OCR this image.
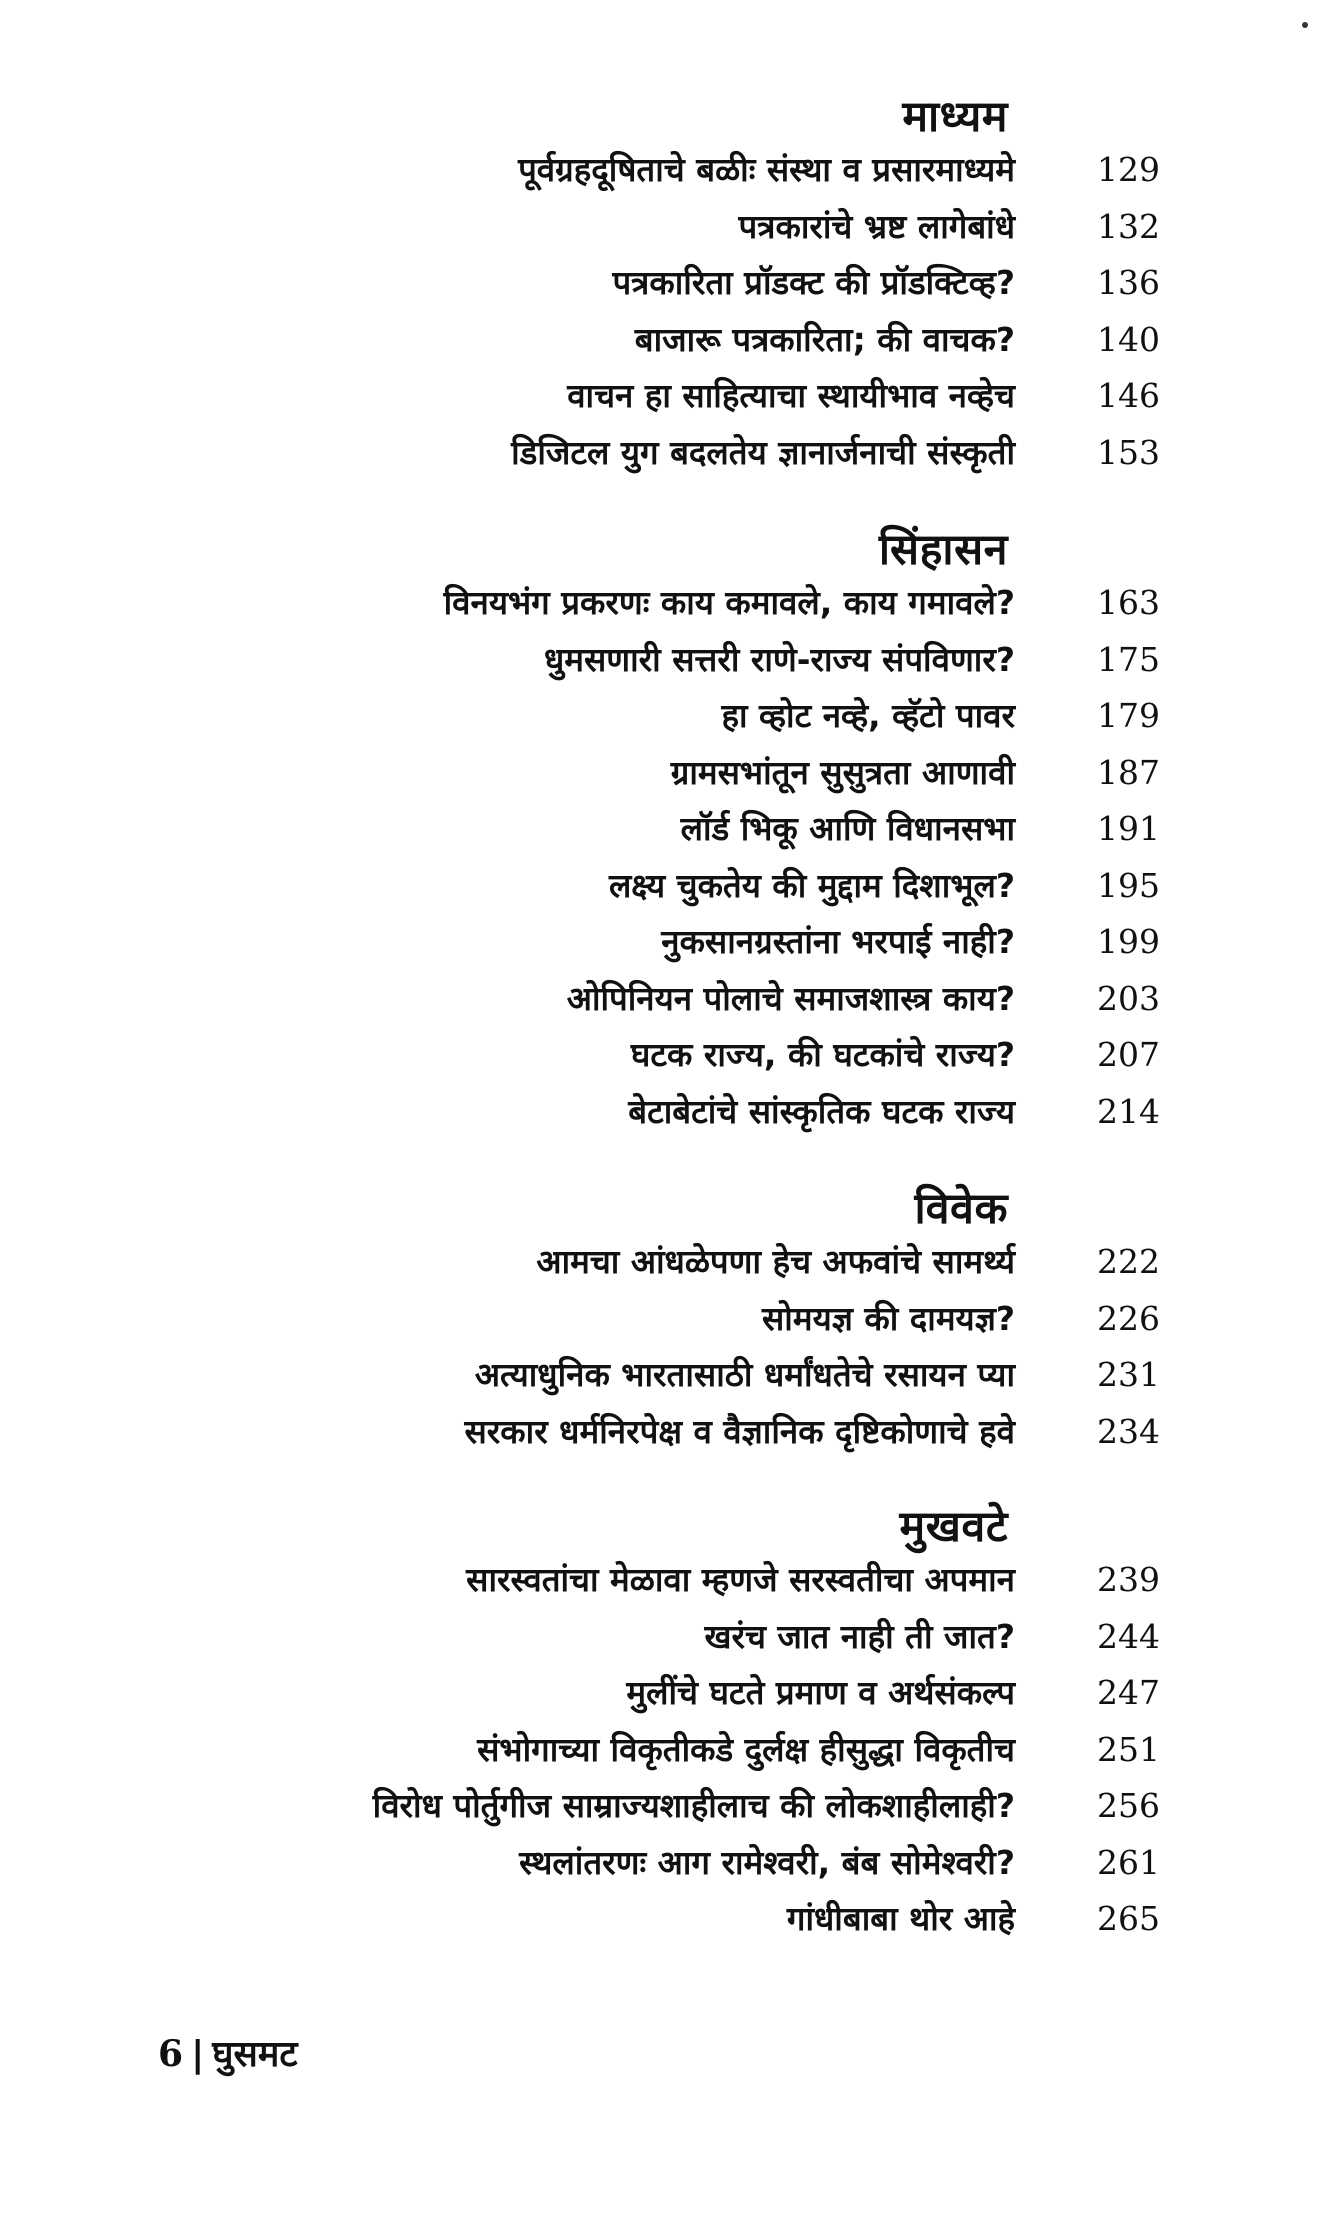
माध्यम
पूर्वग्रहदूषिताचे बळीः संस्था व प्रसारमाध्यमे 129
पत्रकारांचे भ्रष्ट लागेबांधे 132
पत्रकारिता प्रॉडक्ट की प्रॉडक्टिव्ह? 136
बाजारू पत्रकारिता; की वाचक? 140
वाचन हा साहित्याचा स्थायीभाव नव्हेच 146
डिजिटल युग बदलतेय ज्ञानार्जनाची संस्कृती 153
सिंहासन
विनयभंग प्रकरणः काय कमावले, काय गमावले? 163
धुमसणारी सत्तरी राणे-राज्य संपविणार? 175
हा व्होट नव्हे, व्हॅटो पावर 179
ग्रामसभांतून सुसुत्रता आणावी 187
लॉर्ड भिकू आणि विधानसभा 191
लक्ष्य चुकतेय की मुद्दाम दिशाभूल? 195
नुकसानग्रस्तांना भरपाई नाही? 199
ओपिनियन पोलाचे समाजशास्त्र काय? 203
घटक राज्य, की घटकांचे राज्य? 207
बेटाबेटांचे सांस्कृतिक घटक राज्य 214
विवेक
आमचा आंधळेपणा हेच अफवांचे सामर्थ्य 222
सोमयज्ञ की दामयज्ञ? 226
अत्याधुनिक भारतासाठी धर्मांधतेचे रसायन प्या 231
सरकार धर्मनिरपेक्ष व वैज्ञानिक दृष्टिकोणाचे हवे 234
मुखवटे
सारस्वतांचा मेळावा म्हणजे सरस्वतीचा अपमान 239
खरंच जात नाही ती जात? 244
मुलींचे घटते प्रमाण व अर्थसंकल्प 247
संभोगाच्या विकृतीकडे दुर्लक्ष हीसुद्धा विकृतीच 251
विरोध पोर्तुगीज साम्राज्यशाहीलाच की लोकशाहीलाही? 256
स्थलांतरणः आग रामेश्वरी, बंब सोमेश्वरी? 261
गांधीबाबा थोर आहे 265
6 | घुसमट
